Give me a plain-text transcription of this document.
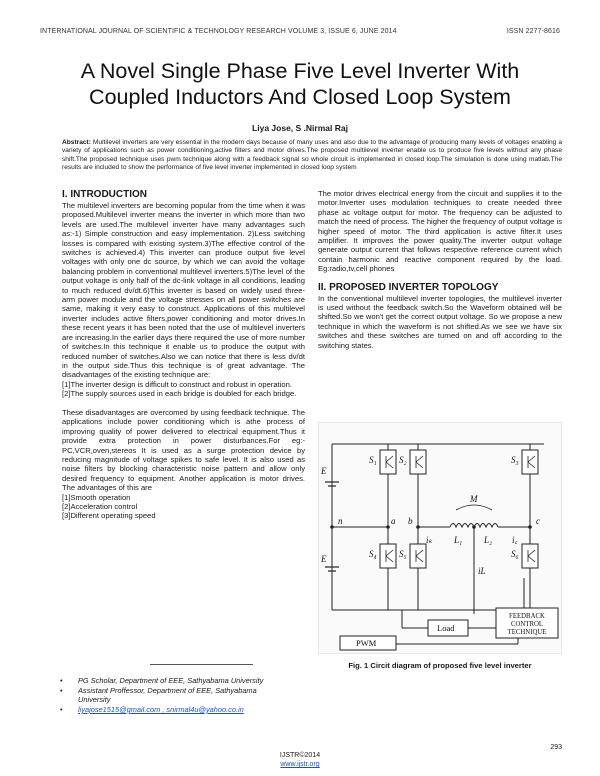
INTERNATIONAL JOURNAL OF SCIENTIFIC & TECHNOLOGY RESEARCH VOLUME 3, ISSUE 6, JUNE 2014	ISSN 2277-8616
A Novel Single Phase Five Level Inverter With
Coupled Inductors And Closed Loop System
Liya Jose, S .Nirmal Raj
Abstract: Multilevel inverters are very essential in the modern days because of many uses and also due to the advantage of producing many levels of voltages enabling a variety of applications such as power conditioning,active filters and motor drives.The proposed multilevel inverter enable us to produce five levels without any phase shift.The proposed technique uses pwm technique along with a feedback signal so whole circuit is implemented in closed loop.The simulation is done using matlab.The results are included to show the performance of five level inverter implemented in closed loop system
I. INTRODUCTION

The multilevel inverters are becoming popular from the time when it was proposed.Multilevel inverter means the inverter in which more than two levels are used.The multilevel inverter have many advantages such as:-1) Simple construction and easy implementation. 2)Less switching losses is compared with existing system.3)The effective control of the switches is achieved.4) This inverter can produce output five level voltages with only one dc source, by which we can avoid the voltage balancing problem in conventional multilevel inverters.5)The level of the output voltage is only half of the dc-link voltage in all conditions, leading to much reduced dv/dt.6)This inverter is based on widely used three-arm power module and the voltage stresses on all power switches are same, making it very easy to construct. Applications of this multilevel inverter includes active filters,power conditioning and motor drives.In these recent years it has been noted that the use of multilevel inverters are increasing.In the earlier days there required the use of more number of switches.In this technique it enable us to produce the output with reduced number of switches.Also we can notice that there is less dv/dt in the output side.Thus this technique is of great advantage. The disadvantages of the existing technique are:

[1]The inverter design is difficult to construct and robust in operation.

[2]The supply sources used in each bridge is doubled for each bridge.

These disadvantages are overcomed by using feedback technique. The applications include power conditioning which is athe process of improving quality of power delivered to electrical equipment.Thus it provide extra protection in power disturbances.For eg:-PC,VCR,oven,stereos It is used as a surge protection device by reducing magnitude of voltage spikes to safe level. It is also used as noise filters by blocking characteristic noise pattern and allow only desired frequency to equipment. Another application is motor drives. The advantages of this are

[1]Smooth operation

[2]Acceleration control

[3]Different operating speed

The motor drives electrical energy from the circuit and supplies it to the motor.Inverter uses modulation techniques to create needed three phase ac voltage output for motor. The frequency can be adjusted to match the need of process. The higher the frequency of output voltage is higher speed of motor. The third application is active filter.It uses amplifier. It improves the power quality.The inverter output voltage generate output current that follows respective reference current which contain harmonic and reactive component required by the load. Eg:radio,tv,cell phones

II. PROPOSED INVERTER TOPOLOGY

In the conventional multilevel inverter topologies, the multilevel inverter is used without the feedback switch.So the Waveform obtained will be shifted.So we won't get the correct output voltage. So we propose a new technique in which the waveform is not shifted.As we see we have six switches and these switches are turned on and off according to the switching states.

E
E
n	a b	c
S₁ S₂	S₃
S₄ S₅	S₆
M
L₁ L₂
iₖ	i꜀
iL
Load
PWM
FEEDBACK
CONTROL
TECHNIQUE
Fig. 1 Circit diagram of proposed five level inverter
• PG Scholar, Department of EEE, Sathyabama University
• Assistant Proffessor, Department of EEE, Sathyabama University
• liyajose1515@gmail.com , snirmal4u@yahoo.co.in
293
IJSTR©2014
www.ijstr.org
